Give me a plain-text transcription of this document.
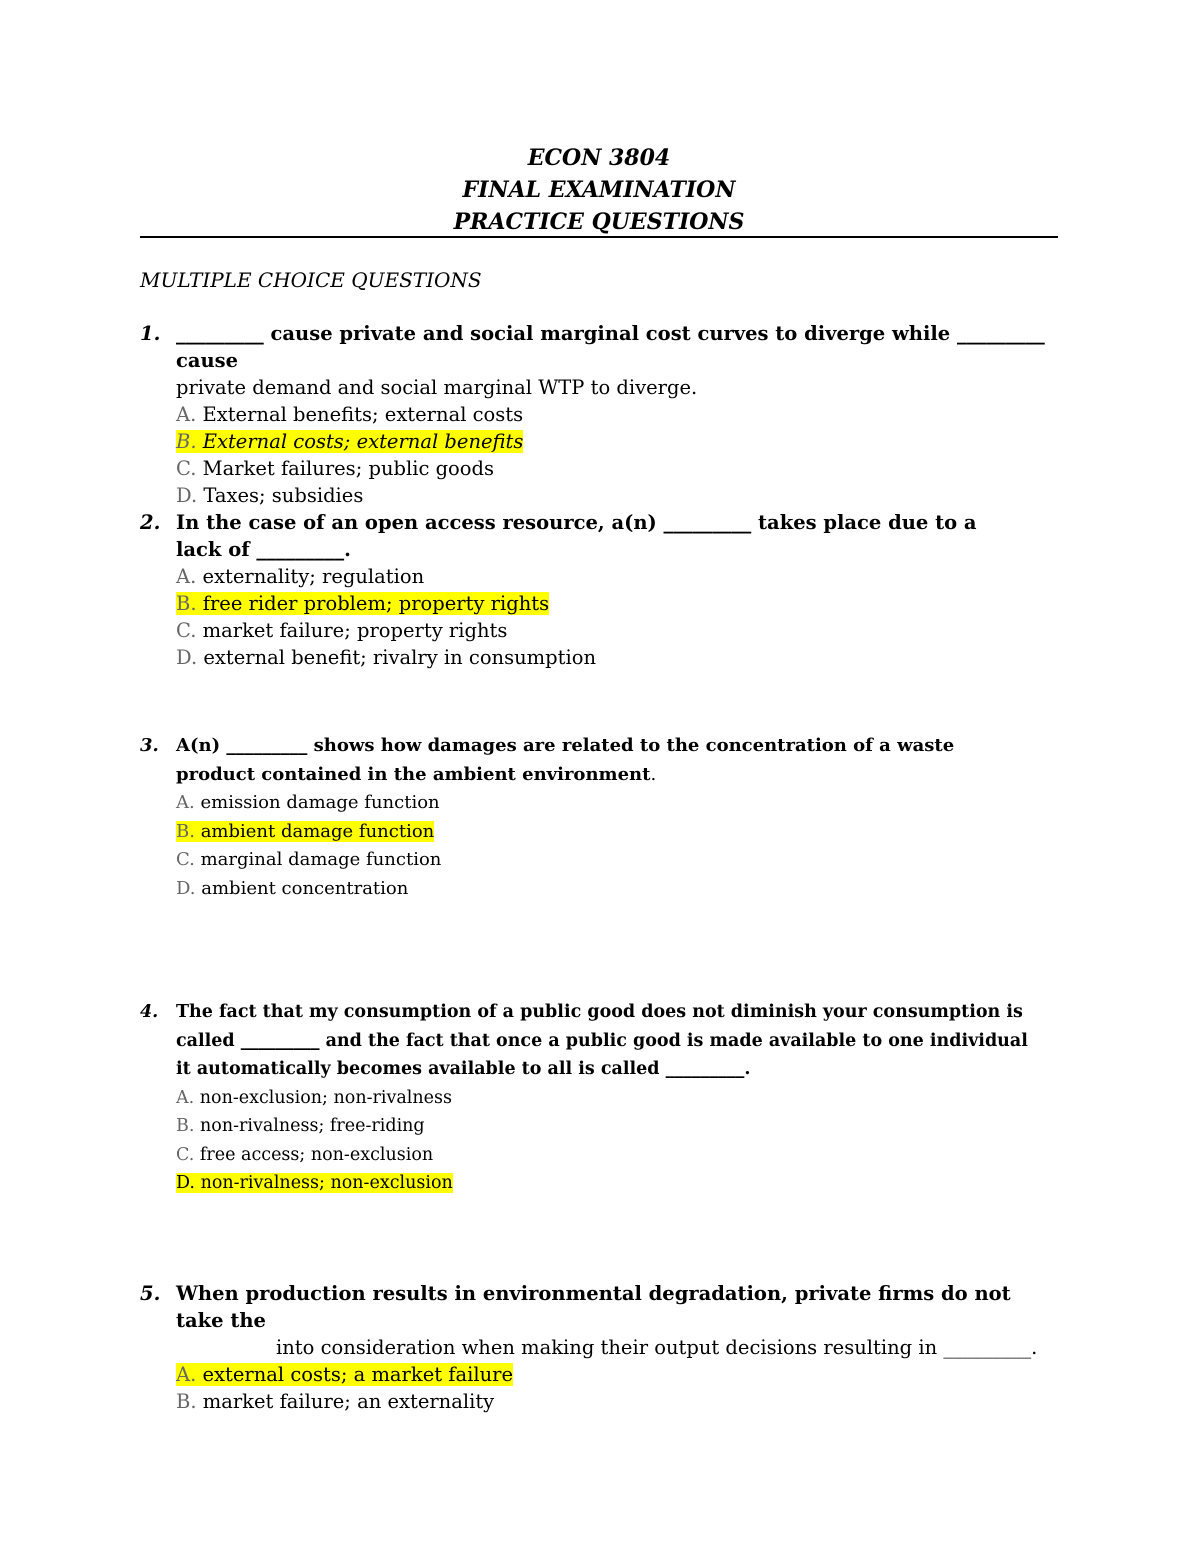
ECON 3804
FINAL EXAMINATION
PRACTICE QUESTIONS
MULTIPLE CHOICE QUESTIONS
1. _________ cause private and social marginal cost curves to diverge while _________ cause
private demand and social marginal WTP to diverge.
A. External benefits; external costs
B. External costs; external benefits
C. Market failures; public goods
D. Taxes; subsidies
2. In the case of an open access resource, a(n) _________ takes place due to a lack of _________.
A. externality; regulation
B. free rider problem; property rights
C. market failure; property rights
D. external benefit; rivalry in consumption
3. A(n) _________ shows how damages are related to the concentration of a waste product contained in the ambient environment.
A. emission damage function
B. ambient damage function
C. marginal damage function
D. ambient concentration
4. The fact that my consumption of a public good does not diminish your consumption is called _________ and the fact that once a public good is made available to one individual it automatically becomes available to all is called _________.
A. non-exclusion; non-rivalness
B. non-rivalness; free-riding
C. free access; non-exclusion
D. non-rivalness; non-exclusion
5. When production results in environmental degradation, private firms do not take the
into consideration when making their output decisions resulting in _________.
A. external costs; a market failure
B. market failure; an externality
